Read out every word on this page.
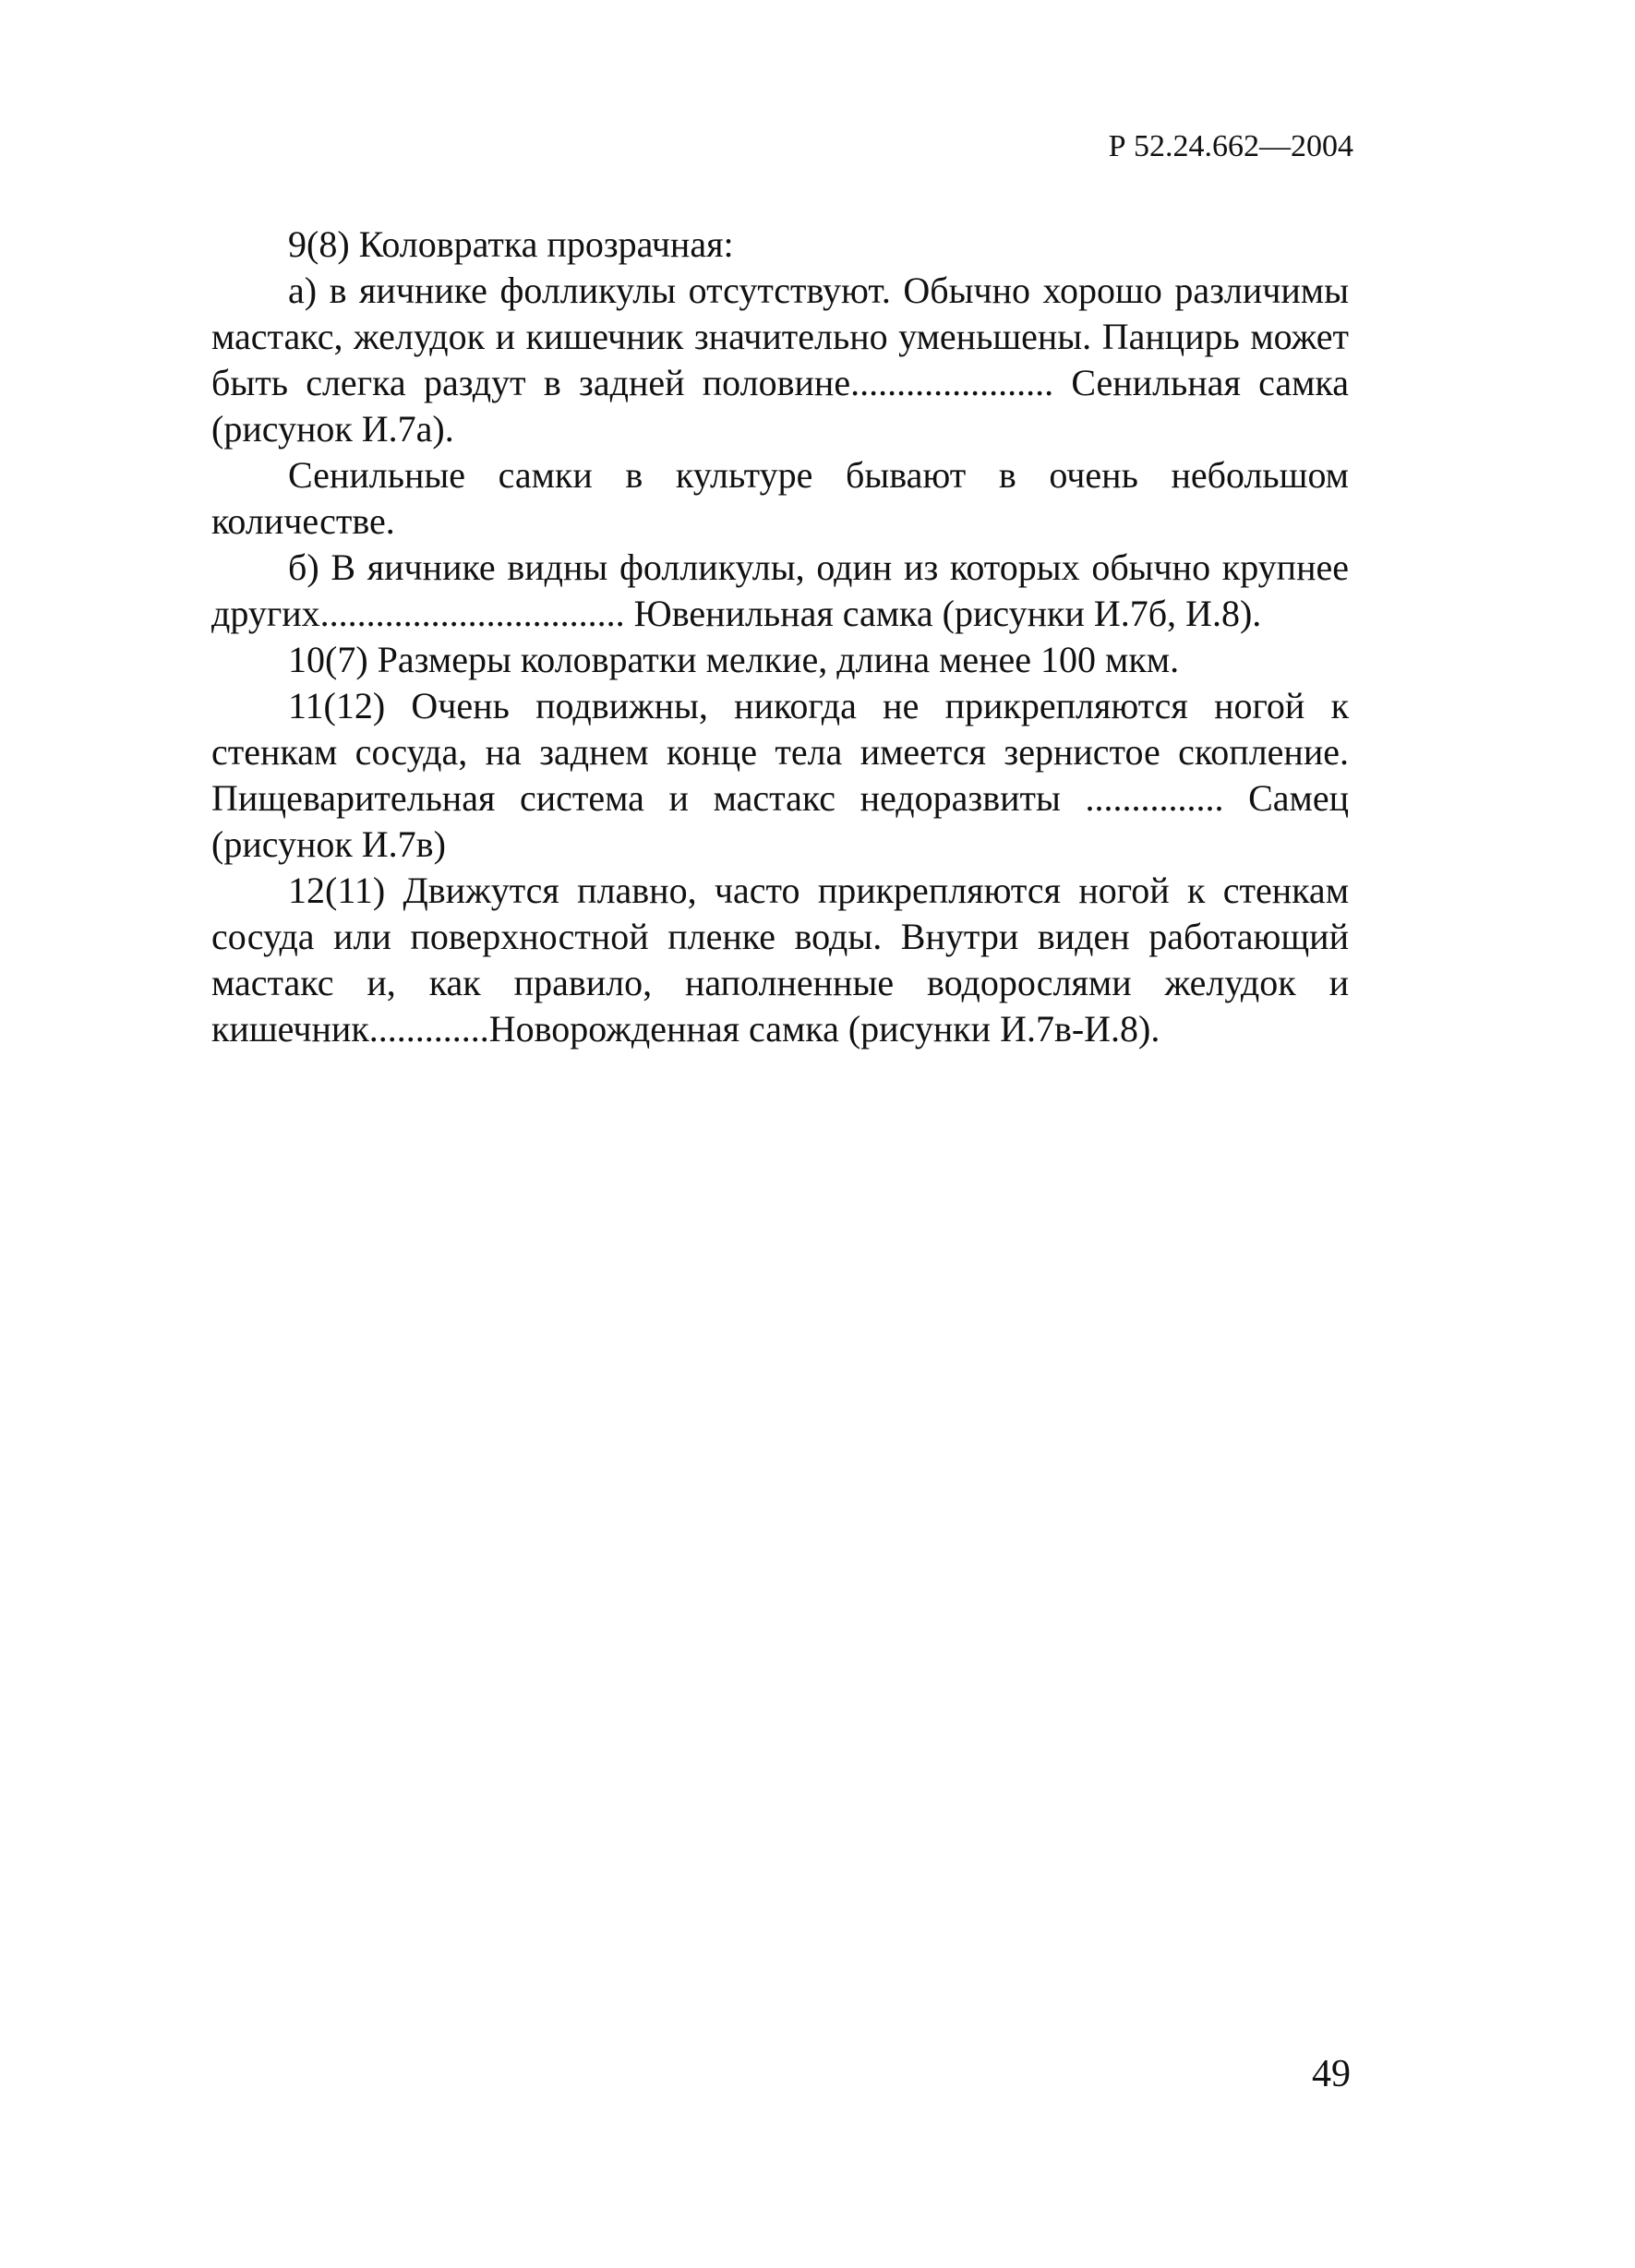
Р 52.24.662—2004

9(8) Коловратка прозрачная:

а) в яичнике фолликулы отсутствуют. Обычно хорошо различимы мастакс, желудок и кишечник значительно уменьшены. Панцирь может быть слегка раздут в задней половине...................... Сенильная самка (рисунок И.7а).

Сенильные самки в культуре бывают в очень небольшом количестве.

б) В яичнике видны фолликулы, один из которых обычно крупнее других................................. Ювенильная самка (рисунки И.7б, И.8).

10(7) Размеры коловратки мелкие, длина менее 100 мкм.

11(12) Очень подвижны, никогда не прикрепляются ногой к стенкам сосуда, на заднем конце тела имеется зернистое скопление. Пищеварительная система и мастакс недоразвиты ............... Самец (рисунок И.7в)

12(11) Движутся плавно, часто прикрепляются ногой к стенкам сосуда или поверхностной пленке воды. Внутри виден работающий мастакс и, как правило, наполненные водорослями желудок и кишечник.............Новорожденная самка (рисунки И.7в-И.8).

49
